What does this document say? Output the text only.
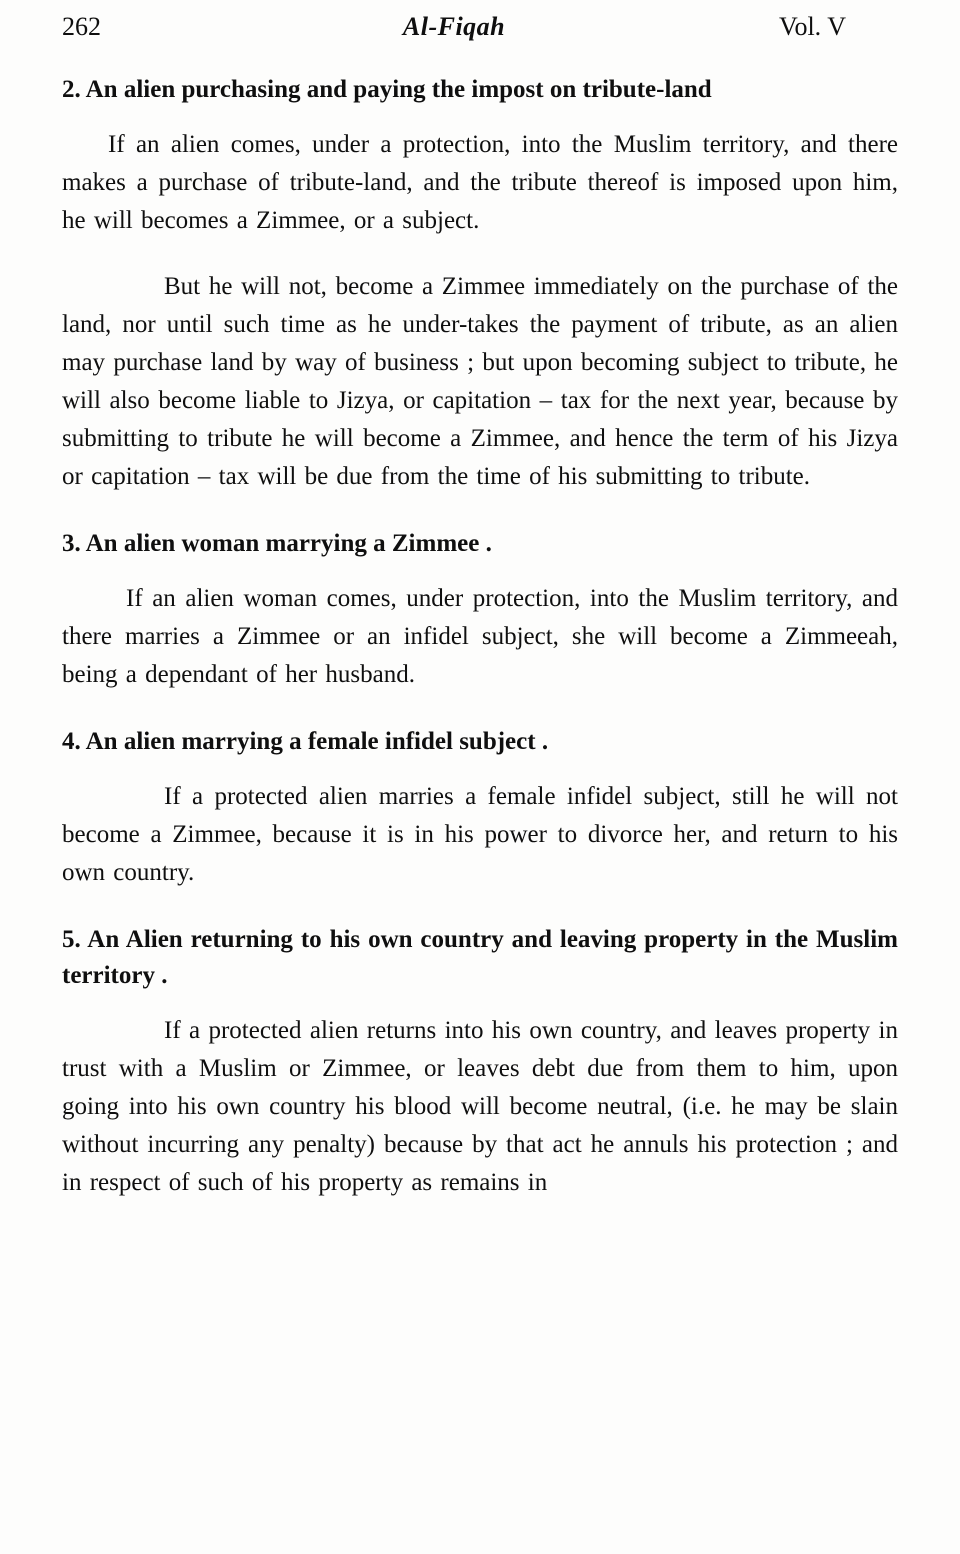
262	Al-Fiqah	Vol. V
2. An alien purchasing and paying the impost on tribute-land

If an alien comes, under a protection, into the Muslim territory, and there makes a purchase of tribute-land, and the tribute thereof is imposed upon him, he will becomes a Zimmee, or a subject.

But he will not, become a Zimmee immediately on the purchase of the land, nor until such time as he under-takes the payment of tribute, as an alien may purchase land by way of business ; but upon becoming subject to tribute, he will also become liable to Jizya, or capitation – tax for the next year, because by submitting to tribute he will become a Zimmee, and hence the term of his Jizya or capitation – tax will be due from the time of his submitting to tribute.

3. An alien woman marrying a Zimmee .

If an alien woman comes, under protection, into the Muslim territory, and there marries a Zimmee or an infidel subject, she will become a Zimmeeah, being a dependant of her husband.

4. An alien marrying a female infidel subject .

If a protected alien marries a female infidel subject, still he will not become a Zimmee, because it is in his power to divorce her, and return to his own country.

5. An Alien returning to his own country and leaving property in the Muslim territory .

If a protected alien returns into his own country, and leaves property in trust with a Muslim or Zimmee, or leaves debt due from them to him, upon going into his own country his blood will become neutral, (i.e. he may be slain without incurring any penalty) because by that act he annuls his protection ; and in respect of such of his property as remains in
